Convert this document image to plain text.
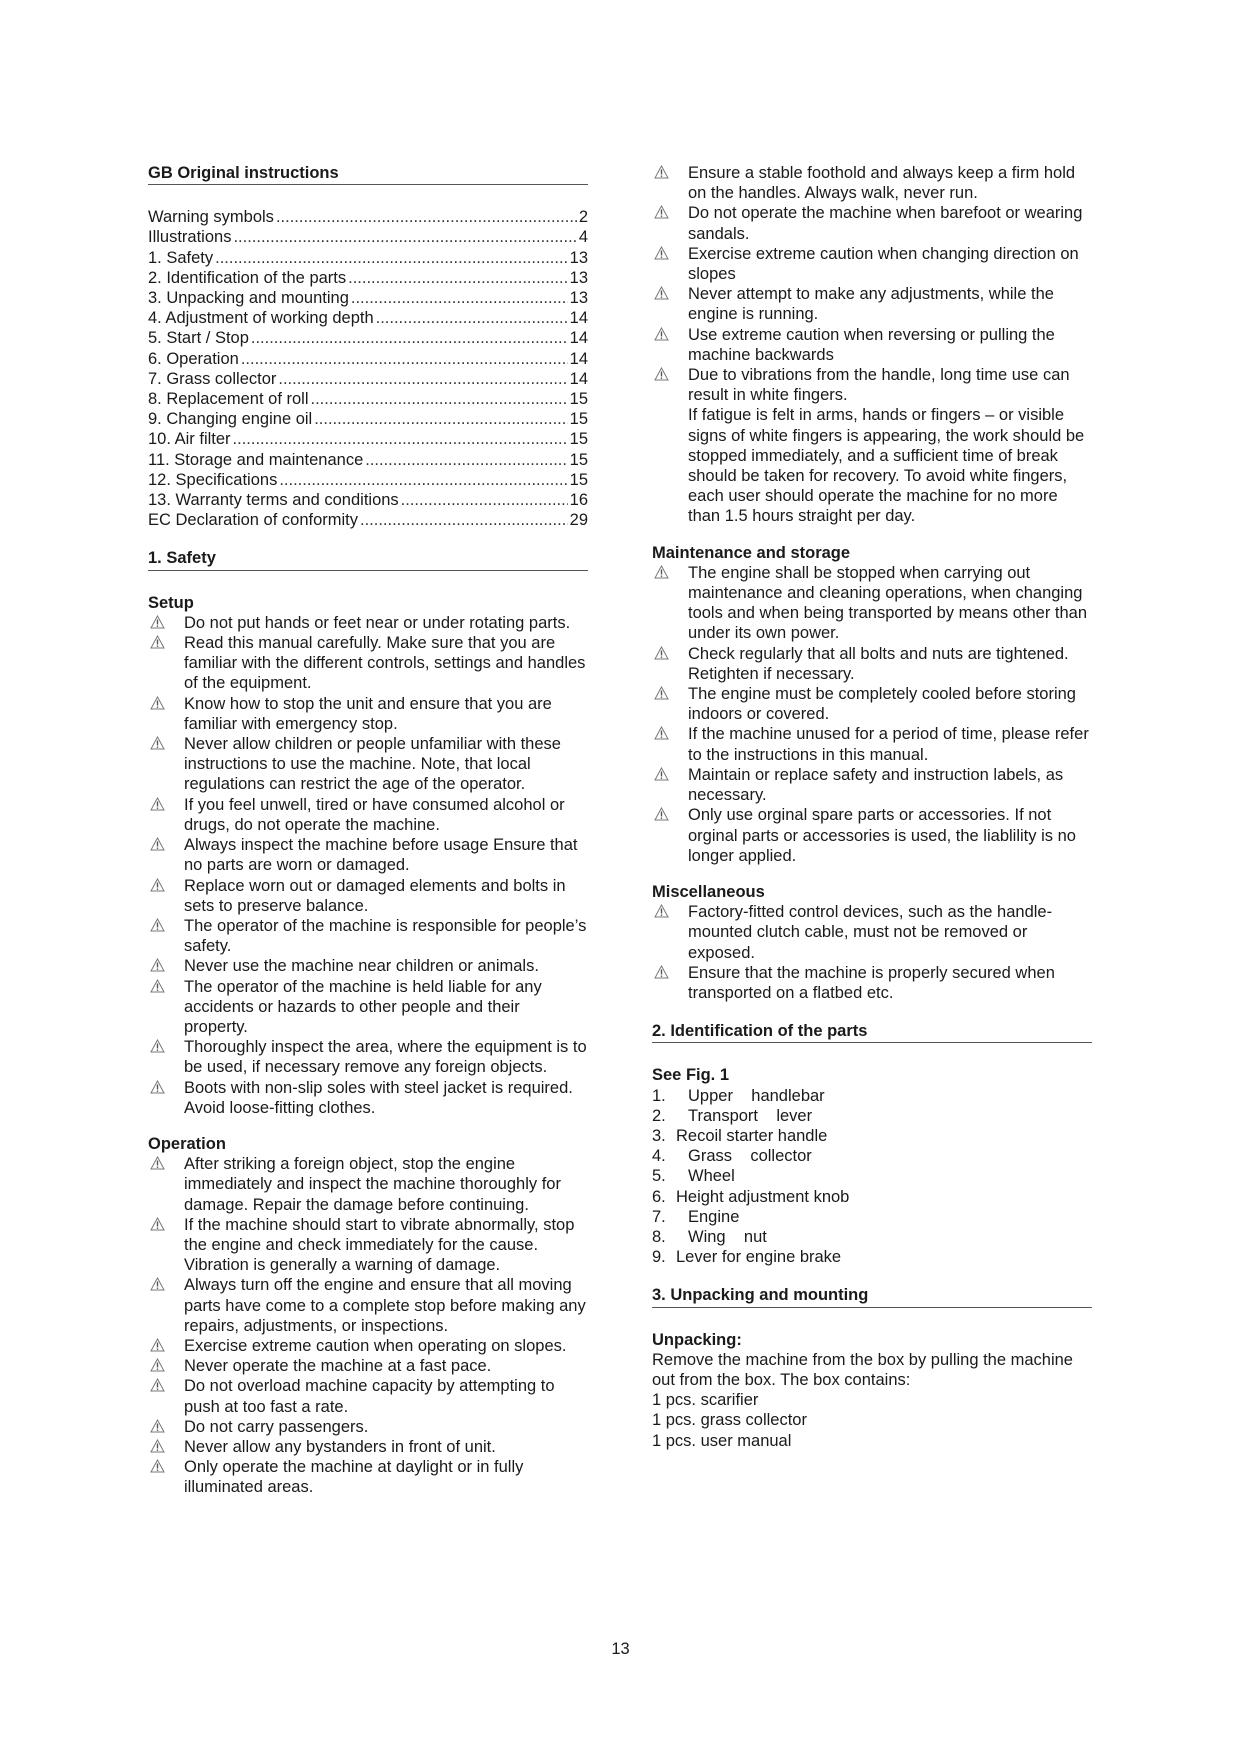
GB Original instructions
Warning symbols .....	2
Illustrations .....	4
1. Safety .....	13
2. Identification of the parts .....	13
3. Unpacking and mounting .....	13
4. Adjustment of working depth .....	14
5. Start / Stop .....	14
6. Operation .....	14
7. Grass collector .....	14
8. Replacement of roll .....	15
9. Changing engine oil .....	15
10. Air filter .....	15
11. Storage and maintenance .....	15
12. Specifications .....	15
13. Warranty terms and conditions .....	16
EC Declaration of conformity .....	29
1. Safety
Setup
Do not put hands or feet near or under rotating parts.
Read this manual carefully. Make sure that you are familiar with the different controls, settings and handles of the equipment.
Know how to stop the unit and ensure that you are familiar with emergency stop.
Never allow children or people unfamiliar with these instructions to use the machine. Note, that local regulations can restrict the age of the operator.
If you feel unwell, tired or have consumed alcohol or drugs, do not operate the machine.
Always inspect the machine before usage Ensure that no parts are worn or damaged.
Replace worn out or damaged elements and bolts in sets to preserve balance.
The operator of the machine is responsible for people’s safety.
Never use the machine near children or animals.
The operator of the machine is held liable for any accidents or hazards to other people and their property.
Thoroughly inspect the area, where the equipment is to be used, if necessary remove any foreign objects.
Boots with non-slip soles with steel jacket is required. Avoid loose-fitting clothes.
Operation
After striking a foreign object, stop the engine immediately and inspect the machine thoroughly for damage. Repair the damage before continuing.
If the machine should start to vibrate abnormally, stop the engine and check immediately for the cause. Vibration is generally a warning of damage.
Always turn off the engine and ensure that all moving parts have come to a complete stop before making any repairs, adjustments, or inspections.
Exercise extreme caution when operating on slopes.
Never operate the machine at a fast pace.
Do not overload machine capacity by attempting to push at too fast a rate.
Do not carry passengers.
Never allow any bystanders in front of unit.
Only operate the machine at daylight or in fully illuminated areas.
Ensure a stable foothold and always keep a firm hold on the handles. Always walk, never run.
Do not operate the machine when barefoot or wearing sandals.
Exercise extreme caution when changing direction on slopes
Never attempt to make any adjustments, while the engine is running.
Use extreme caution when reversing or pulling the machine backwards
Due to vibrations from the handle, long time use can result in white fingers.
If fatigue is felt in arms, hands or fingers – or visible signs of white fingers is appearing, the work should be stopped immediately, and a sufficient time of break should be taken for recovery. To avoid white fingers, each user should operate the machine for no more than 1.5 hours straight per day.
Maintenance and storage
The engine shall be stopped when carrying out maintenance and cleaning operations, when changing tools and when being transported by means other than under its own power.
Check regularly that all bolts and nuts are tightened. Retighten if necessary.
The engine must be completely cooled before storing indoors or covered.
If the machine unused for a period of time, please refer to the instructions in this manual.
Maintain or replace safety and instruction labels, as necessary.
Only use orginal spare parts or accessories. If not orginal parts or accessories is used, the liablility is no longer applied.
Miscellaneous
Factory-fitted control devices, such as the handle-mounted clutch cable, must not be removed or exposed.
Ensure that the machine is properly secured when transported on a flatbed etc.
2. Identification of the parts
See Fig. 1
1.	Upper    handlebar
2.	Transport    lever
3. Recoil starter handle
4.	Grass    collector
5.	Wheel
6. Height adjustment knob
7.	Engine
8.	Wing    nut
9. Lever for engine brake
3. Unpacking and mounting
Unpacking:
Remove the machine from the box by pulling the machine out from the box. The box contains:
1 pcs. scarifier
1 pcs. grass collector
1 pcs. user manual
13
